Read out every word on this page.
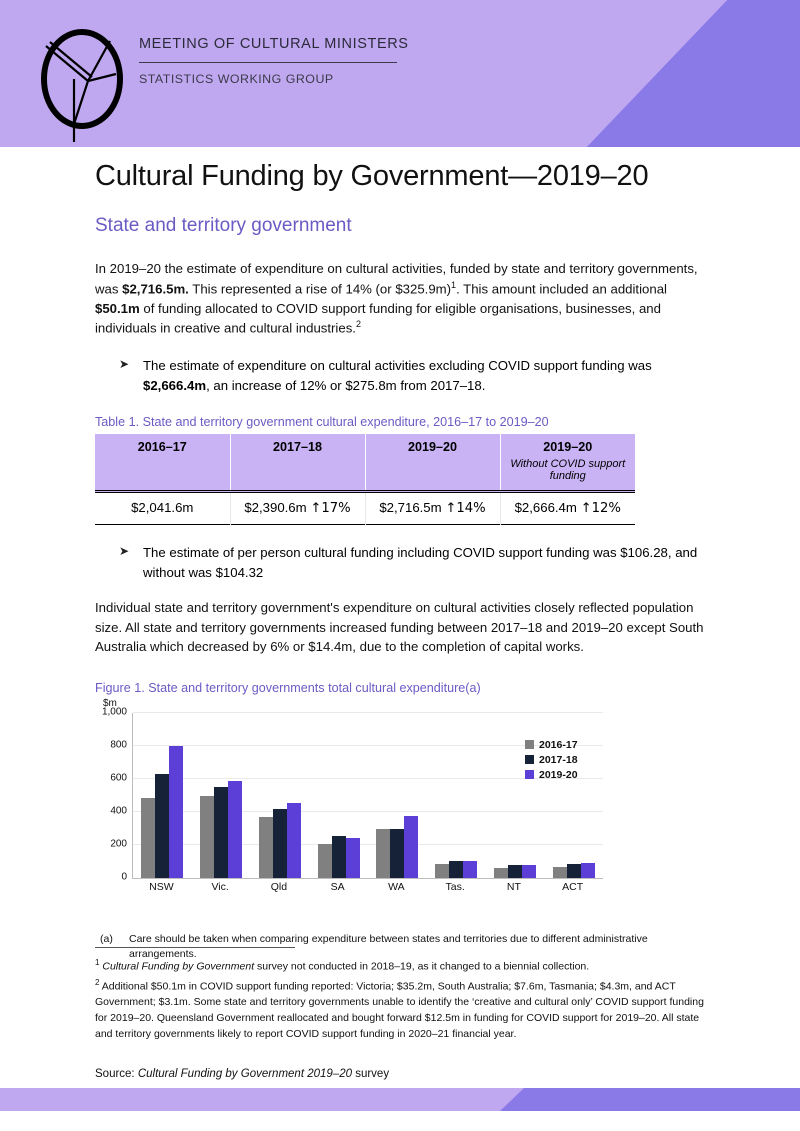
MEETING OF CULTURAL MINISTERS
STATISTICS WORKING GROUP
Cultural Funding by Government—2019–20
State and territory government

In 2019–20 the estimate of expenditure on cultural activities, funded by state and territory governments, was $2,716.5m. This represented a rise of 14% (or $325.9m)$^1$. This amount included an additional $50.1m of funding allocated to COVID support funding for eligible organisations, businesses, and individuals in creative and cultural industries.$^2$

➤ The estimate of expenditure on cultural activities excluding COVID support funding was $2,666.4m, an increase of 12% or $275.8m from 2017–18.
Table 1. State and territory government cultural expenditure, 2016–17 to 2019–20
2016–17	2017–18	2019–20	2019–20
Without COVID support funding

$2,041.6m	$2,390.6m ↑17%	$2,716.5m ↑14%	$2,666.4m ↑12%
➤ The estimate of per person cultural funding including COVID support funding was $106.28, and without was $104.32

Individual state and territory government's expenditure on cultural activities closely reflected population size. All state and territory governments increased funding between 2017–18 and 2019–20 except South Australia which decreased by 6% or $14.4m, due to the completion of capital works.

Figure 1. State and territory governments total cultural expenditure(a)
$m
0
200
400
600
800
1,000
2016-17
2017-18
2019-20
NSW	Vic.	Qld	SA	WA	Tas.	NT	ACT

(a) Care should be taken when comparing expenditure between states and territories due to different administrative arrangements.

$^1$ Cultural Funding by Government survey not conducted in 2018–19, as it changed to a biennial collection.

$^2$ Additional $50.1m in COVID support funding reported: Victoria; $35.2m, South Australia; $7.6m, Tasmania; $4.3m, and ACT Government; $3.1m. Some state and territory governments unable to identify the ‘creative and cultural only’ COVID support funding for 2019–20. Queensland Government reallocated and bought forward $12.5m in funding for COVID support for 2019–20. All state and territory governments likely to report COVID support funding in 2020–21 financial year.

Source: Cultural Funding by Government 2019–20 survey
